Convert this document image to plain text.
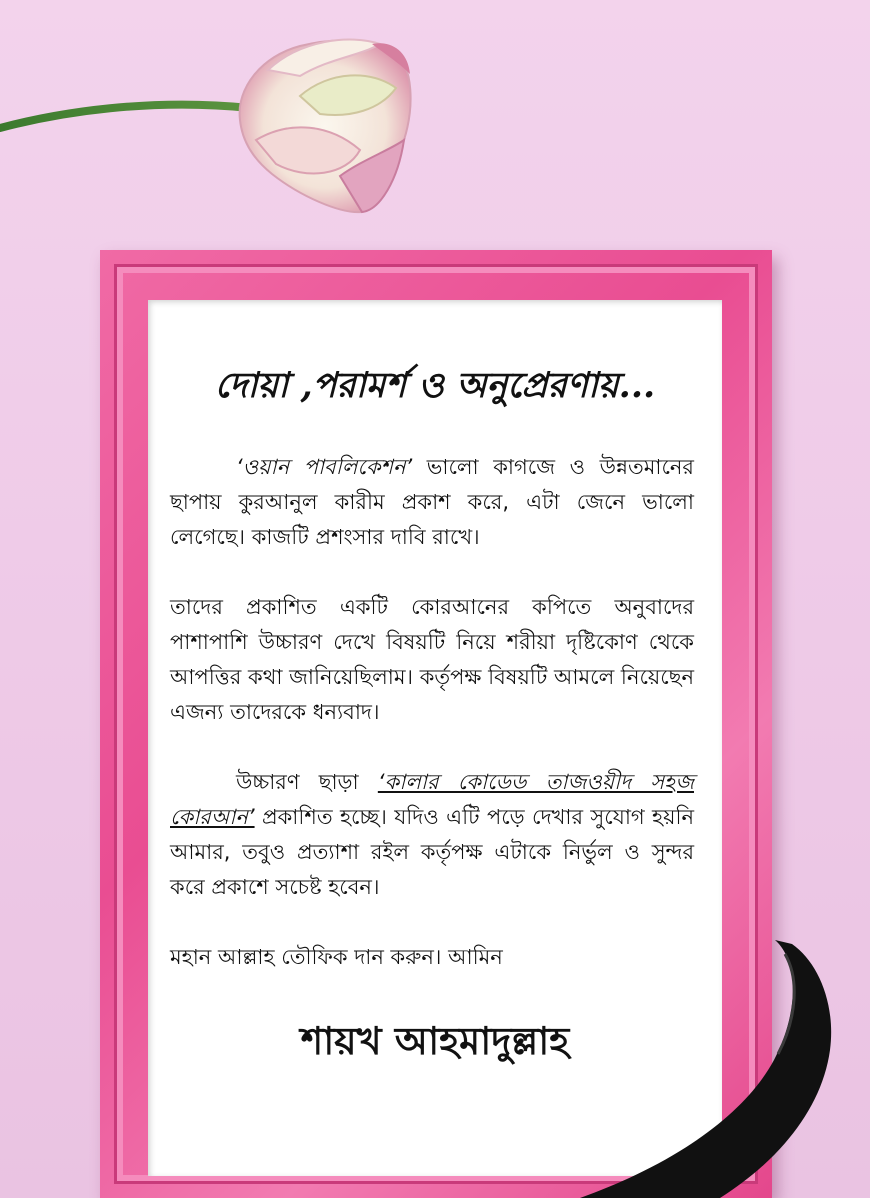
দোয়া ,পরামর্শ ও অনুপ্রেরণায়...

‘ওয়ান পাবলিকেশন’ ভালো কাগজে ও উন্নতমানের ছাপায় কুরআনুল কারীম প্রকাশ করে, এটা জেনে ভালো লেগেছে। কাজটি প্রশংসার দাবি রাখে।

তাদের প্রকাশিত একটি কোরআনের কপিতে অনুবাদের পাশাপাশি উচ্চারণ দেখে বিষয়টি নিয়ে শরীয়া দৃষ্টিকোণ থেকে আপত্তির কথা জানিয়েছিলাম। কর্তৃপক্ষ বিষয়টি আমলে নিয়েছেন এজন্য তাদেরকে ধন্যবাদ।

উচ্চারণ ছাড়া ‘কালার কোডেড তাজওয়ীদ সহজ কোরআন’ প্রকাশিত হচ্ছে। যদিও এটি পড়ে দেখার সুযোগ হয়নি আমার, তবুও প্রত্যাশা রইল কর্তৃপক্ষ এটাকে নির্ভুল ও সুন্দর করে প্রকাশে সচেষ্ট হবেন।

মহান আল্লাহ তৌফিক দান করুন। আমিন

শায়খ আহমাদুল্লাহ
